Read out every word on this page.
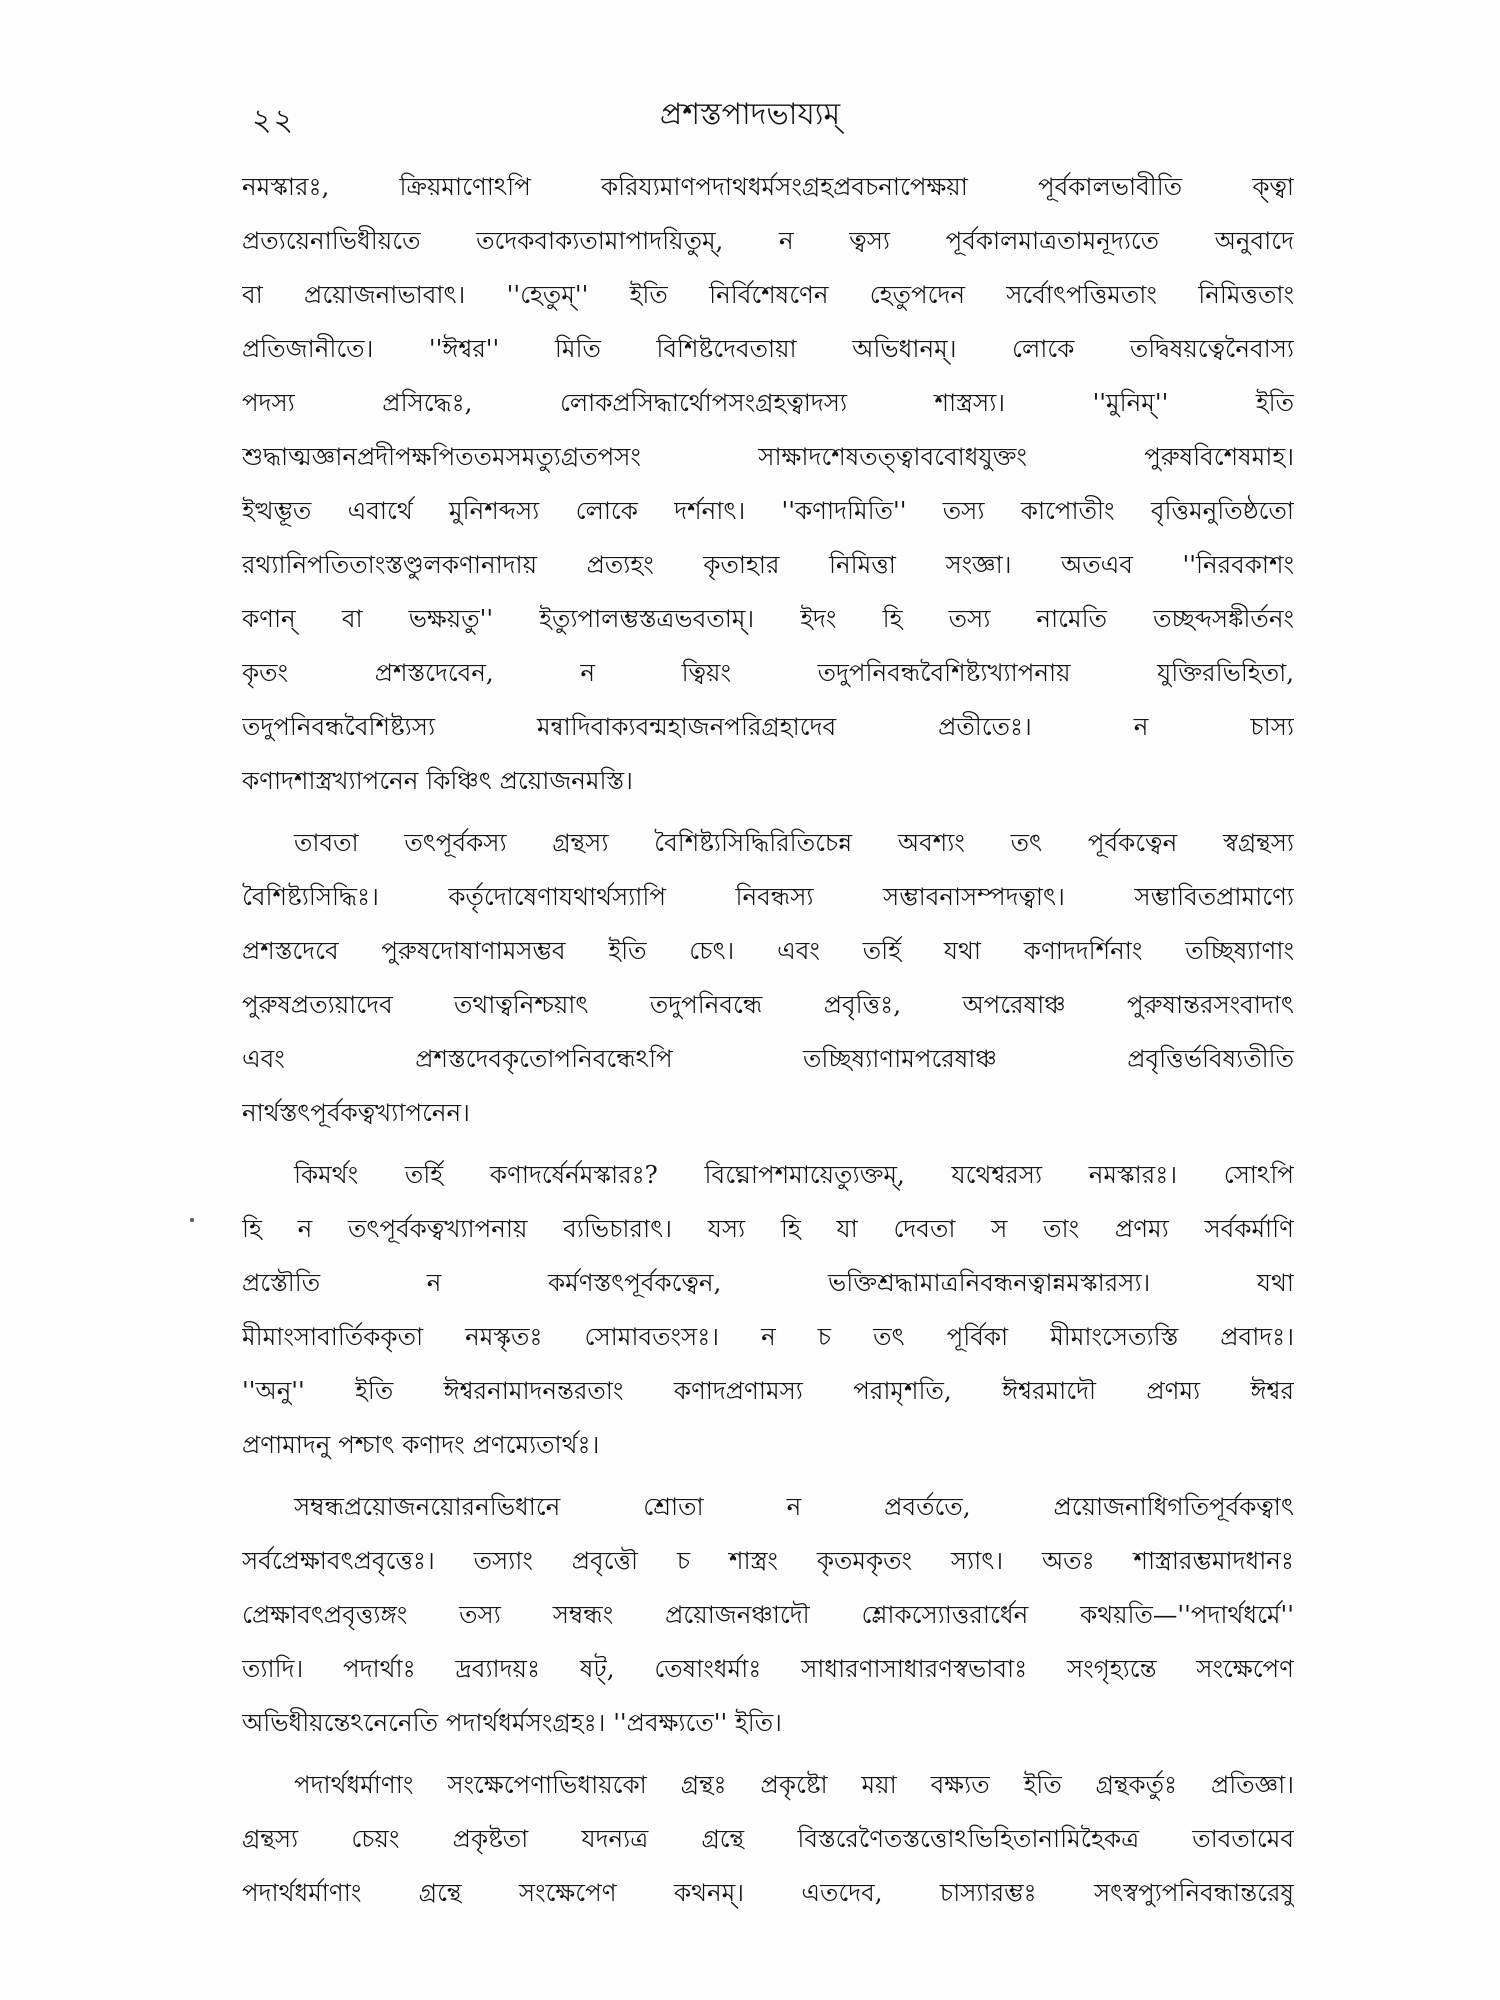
২২	প্রশস্তপাদভায্যম্
নমস্কারঃ, ক্রিয়মাণোঽপি করিয্যমাণপদাথধর্মসংগ্রহপ্রবচনাপেক্ষয়া পূর্বকালভাবীতি ক্ত্বা
প্রত্যয়েনাভিধীয়তে তদেকবাক্যতামাপাদয়িতুম্, ন ত্বস্য পূর্বকালমাত্রতামনূদ্যতে অনুবাদে
বা প্রয়োজনাভাবাৎ। ''হেতুম্'' ইতি নির্বিশেষণেন হেতুপদেন সর্বোৎপত্তিমতাং নিমিত্ততাং
প্রতিজানীতে। ''ঈশ্বর'' মিতি বিশিষ্টদেবতায়া অভিধানম্। লোকে তদ্বিষয়ত্বেনৈবাস্য
পদস্য প্রসিদ্ধেঃ, লোকপ্রসিদ্ধার্থোপসংগ্রহত্বাদস্য শাস্ত্রস্য। ''মুনিম্'' ইতি
শুদ্ধাত্মজ্ঞানপ্রদীপক্ষপিততমসমত্যুগ্রতপসং সাক্ষাদশেষতত্ত্বাববোধযুক্তং পুরুষবিশেষমাহ।
ইত্থম্ভূত এবার্থে মুনিশব্দস্য লোকে দর্শনাৎ। ''কণাদমিতি'' তস্য কাপোতীং বৃত্তিমনুতিষ্ঠতো
রথ্যানিপতিতাংস্তণ্ডুলকণানাদায় প্রত্যহং কৃতাহার নিমিত্তা সংজ্ঞা। অতএব ''নিরবকাশং
কণান্ বা ভক্ষয়তু'' ইত্যুপালম্ভস্তত্রভবতাম্। ইদং হি তস্য নামেতি তচ্ছব্দসঙ্কীর্তনং
কৃতং প্রশস্তদেবেন, ন ত্বিয়ং তদুপনিবন্ধবৈশিষ্ট্যখ্যাপনায় যুক্তিরভিহিতা,
তদুপনিবন্ধবৈশিষ্ট্যস্য মন্বাদিবাক্যবন্মহাজনপরিগ্রহাদেব প্রতীতেঃ। ন চাস্য
কণাদশাস্ত্রখ্যাপনেন কিঞ্চিৎ প্রয়োজনমস্তি।
তাবতা তৎপূর্বকস্য গ্রন্থস্য বৈশিষ্ট্যসিদ্ধিরিতিচেন্ন অবশ্যং তৎ পূর্বকত্বেন স্বগ্রন্থস্য
বৈশিষ্ট্যসিদ্ধিঃ। কর্তৃদোষেণাযথার্থস্যাপি নিবন্ধস্য সম্ভাবনাসম্পদত্বাৎ। সম্ভাবিতপ্রামাণ্যে
প্রশস্তদেবে পুরুষদোষাণামসম্ভব ইতি চেৎ। এবং তর্হি যথা কণাদদর্শিনাং তচ্ছিষ্যাণাং
পুরুষপ্রত্যয়াদেব তথাত্বনিশ্চয়াৎ তদুপনিবন্ধে প্রবৃত্তিঃ, অপরেষাঞ্চ পুরুষান্তরসংবাদাৎ
এবং প্রশস্তদেবকৃতোপনিবন্ধেঽপি তচ্ছিষ্যাণামপরেষাঞ্চ প্রবৃত্তির্ভবিষ্যতীতি
নার্থস্তৎপূর্বকত্বখ্যাপনেন।
কিমর্থং তর্হি কণাদর্ষের্নমস্কারঃ? বিঘ্নোপশমায়েত্যুক্তম্, যথেশ্বরস্য নমস্কারঃ। সোঽপি
হি ন তৎপূর্বকত্বখ্যাপনায় ব্যভিচারাৎ। যস্য হি যা দেবতা স তাং প্রণম্য সর্বকর্মাণি
প্রস্তৌতি ন কর্মণস্তৎপূর্বকত্বেন, ভক্তিশ্রদ্ধামাত্রনিবন্ধনত্বান্নমস্কারস্য। যথা
মীমাংসাবার্তিককৃতা নমস্কৃতঃ সোমাবতংসঃ। ন চ তৎ পূর্বিকা মীমাংসেত্যস্তি প্রবাদঃ।
''অনু'' ইতি ঈশ্বরনামাদনন্তরতাং কণাদপ্রণামস্য পরামৃশতি, ঈশ্বরমাদৌ প্রণম্য ঈশ্বর
প্রণামাদনু পশ্চাৎ কণাদং প্রণম্যেতার্থঃ।
সম্বন্ধপ্রয়োজনয়োরনভিধানে শ্রোতা ন প্রবর্ততে, প্রয়োজনাধিগতিপূর্বকত্বাৎ
সর্বপ্রেক্ষাবৎপ্রবৃত্তেঃ। তস্যাং প্রবৃত্তৌ চ শাস্ত্রং কৃতমকৃতং স্যাৎ। অতঃ শাস্ত্রারম্ভমাদধানঃ
প্রেক্ষাবৎপ্রবৃত্ত্যঙ্গং তস্য সম্বন্ধং প্রয়োজনঞ্চাদৌ শ্লোকস্যোত্তরার্ধেন কথয়তি—''পদার্থধর্মে''
ত্যাদি। পদার্থাঃ দ্রব্যাদয়ঃ ষট্, তেষাংধর্মাঃ সাধারণাসাধারণস্বভাবাঃ সংগৃহ্যন্তে সংক্ষেপেণ
অভিধীয়ন্তেঽনেনেতি পদার্থধর্মসংগ্রহঃ। ''প্রবক্ষ্যতে'' ইতি।
পদার্থধর্মাণাং সংক্ষেপেণাভিধায়কো গ্রন্থঃ প্রকৃষ্টো ময়া বক্ষ্যত ইতি গ্রন্থকর্তুঃ প্রতিজ্ঞা।
গ্রন্থস্য চেয়ং প্রকৃষ্টতা যদন্যত্র গ্রন্থে বিস্তরেণৈতস্তত্তোঽভিহিতানামিহৈকত্র তাবতামেব
পদার্থধর্মাণাং গ্রন্থে সংক্ষেপেণ কথনম্। এতদেব, চাস্যারম্ভঃ সৎস্বপ্যুপনিবন্ধান্তরেষু
